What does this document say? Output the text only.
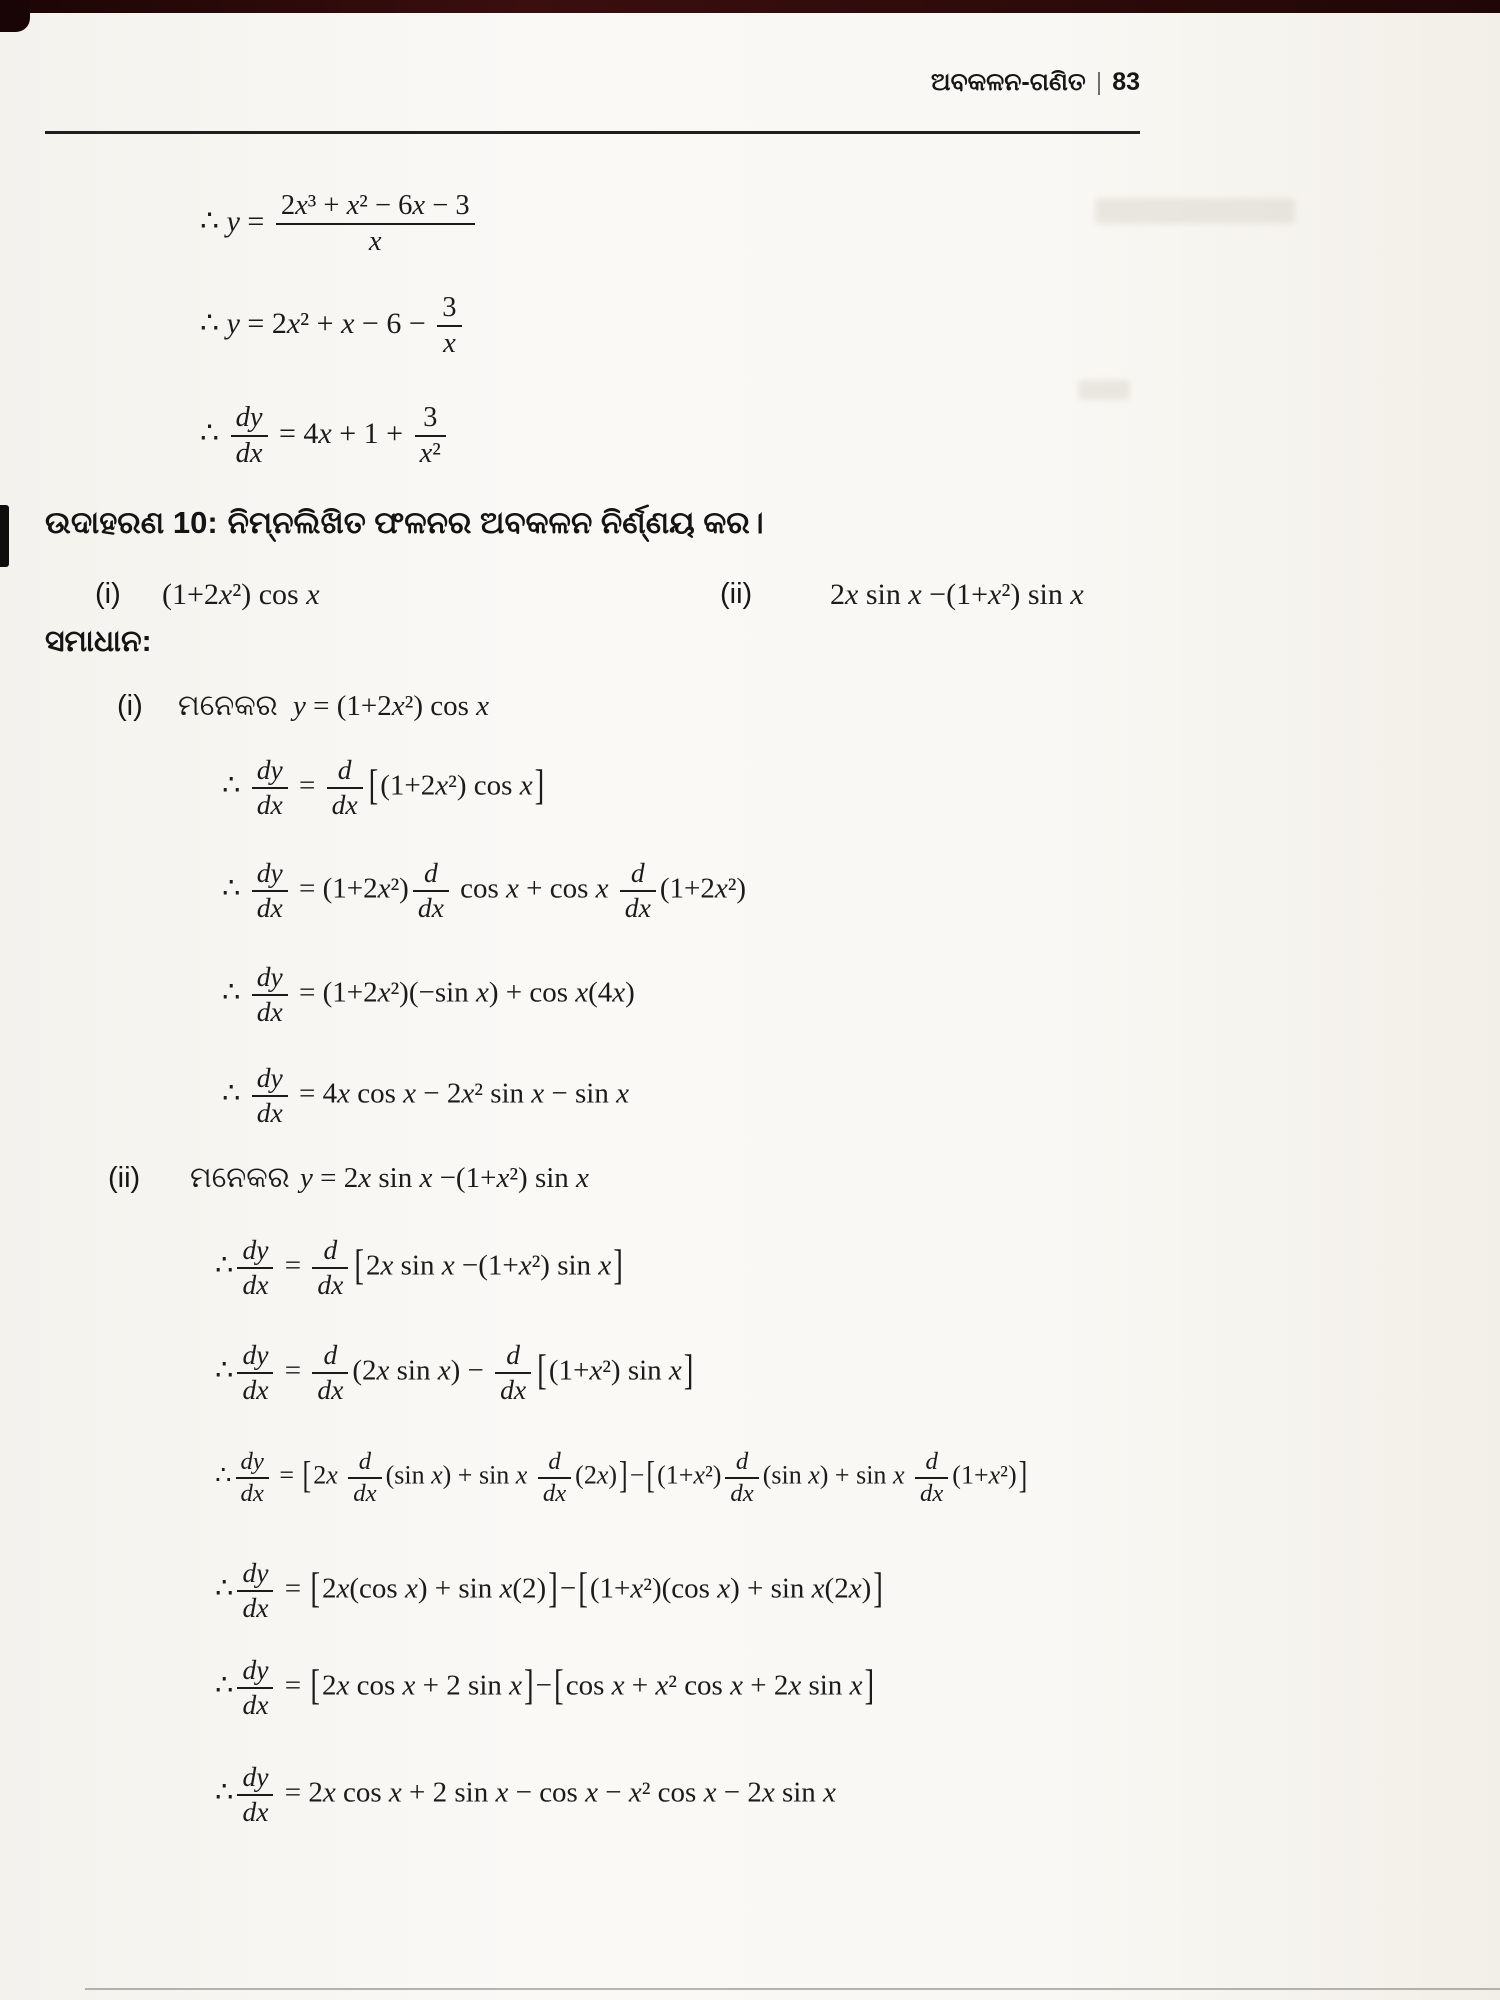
ଅବକଳନ-ଗଣିତ | 83
∴ $y = \frac{\text{2x³ + x² − 6x − 3}}{x}$
∴ $y = 2x^2 + x - 6 - \frac{3}{x}$
∴ $\frac{dy}{dx} = 4x + 1 + \frac{3}{\text{x²}}$
ଉଦାହରଣ 10: ନିମ୍ନଲିଖିତ ଫଳନର ଅବକଳନ ନିର୍ଣ୍ଣୟ କର।
(i) (1+2x²) cos x	(ii)	2x sin x −(1+x²) sin x
ସମାଧାନ:
(i) ମନେକର y = (1+2x²) cos x
∴ $\frac{dy}{dx} = \frac{d}{dx} [(1+2x^2)$ cos x]
∴ $\frac{dy}{dx} = (1+2x^2) \frac{d}{dx}$ cos x + cos x $\frac{d}{dx} (1+2x^2)$
∴ $\frac{dy}{dx} = (1+2x^2)(-\sin$ x) + cos x(4x)
∴ $\frac{dy}{dx} = 4x$ cos x − 2x² sin x − sin x
(ii) ମନେକର y = 2x sin x −(1+x²) sin x
∴ $\frac{dy}{dx} = \frac{d}{dx} [2x$ sin x −(1+x²) sin x]
∴ $\frac{dy}{dx} = \frac{d}{dx} (2x$ $\sin x) - \frac{d}{dx} [(1+x^2)$ sin x]
∴ $\frac{dy}{dx} = [2x \frac{d}{dx} (\sin$ x) + sin x $\frac{d}{dx} (2x)]-[(1+x^2) \frac{d}{dx} (\sin$ x) + sin x $\frac{d}{dx} (1+x^2)$]
∴ $\frac{dy}{dx} = [2x(\cos$ x) + sin x(2)]−[(1+x²)(cos x) + sin x(2x)]
∴ $\frac{dy}{dx} = [2x$ cos x + 2 sin x]−[cos x + x² cos x + 2x sin x]
∴ $\frac{dy}{dx} = 2x$ cos x + 2 sin x − cos x − x² cos x − 2x sin x
